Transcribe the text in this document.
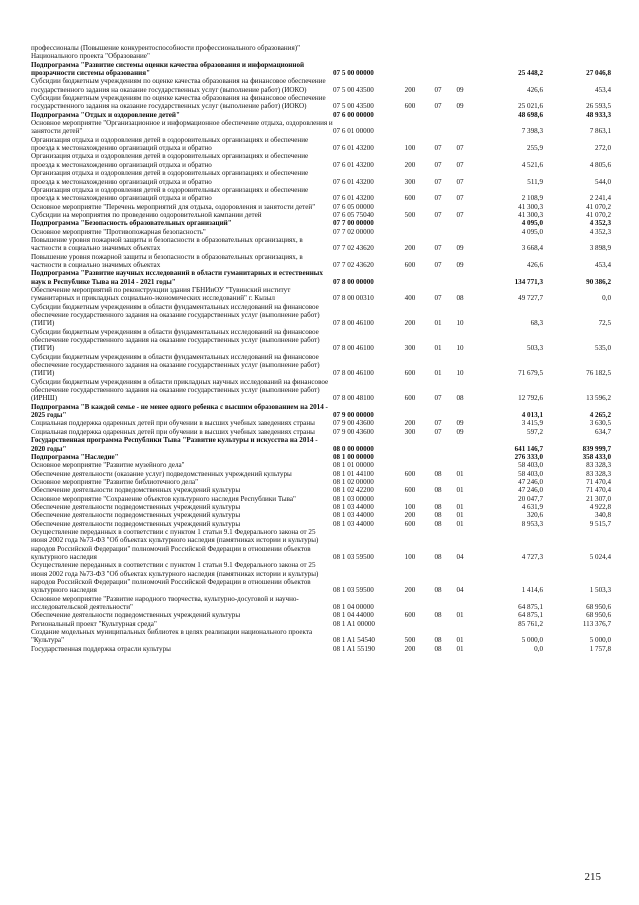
профессионалы (Повышение конкурентоспособности профессионального образования)" Национального проекта "Образование"						
Подпрограмма "Развитие системы оценки качества образования и информационной прозрачности системы образования"	07 5 00 00000				25 448,2	27 046,8
Субсидии бюджетным учреждениям по оценке качества образования на финансовое обеспечение государственного задания на оказание государственных услуг (выполнение работ) (ИОКО)	07 5 00 43500	200	07	09	426,6	453,4
Субсидии бюджетным учреждениям по оценке качества образования на финансовое обеспечение государственного задания на оказание государственных услуг (выполнение работ) (ИОКО)	07 5 00 43500	600	07	09	25 021,6	26 593,5
Подпрограмма "Отдых и оздоровление детей"	07 6 00 00000				48 698,6	48 933,3
Основное мероприятие "Организационное и информационное обеспечение отдыха, оздоровления и занятости детей"	07 6 01 00000				7 398,3	7 863,1
Организация отдыха и оздоровления детей в оздоровительных организациях и обеспечение проезда к местонахождению организаций отдыха и обратно	07 6 01 43200	100	07	07	255,9	272,0
Организация отдыха и оздоровления детей в оздоровительных организациях и обеспечение проезда к местонахождению организаций отдыха и обратно	07 6 01 43200	200	07	07	4 521,6	4 805,6
Организация отдыха и оздоровления детей в оздоровительных организациях и обеспечение проезда к местонахождению организаций отдыха и обратно	07 6 01 43200	300	07	07	511,9	544,0
Организация отдыха и оздоровления детей в оздоровительных организациях и обеспечение проезда к местонахождению организаций отдыха и обратно	07 6 01 43200	600	07	07	2 108,9	2 241,4
Основное мероприятие "Перечень мероприятий для отдыха, оздоровления и занятости детей"	07 6 05 00000				41 300,3	41 070,2
Субсидии на мероприятия по проведению оздоровительной кампании детей	07 6 05 75040	500	07	07	41 300,3	41 070,2
Подпрограмма "Безопасность образовательных организаций"	07 7 00 00000				4 095,0	4 352,3
Основное мероприятие "Противопожарная безопасность"	07 7 02 00000				4 095,0	4 352,3
Повышение уровня пожарной защиты и безопасности в образовательных организациях, в частности в социально значимых объектах	07 7 02 43620	200	07	09	3 668,4	3 898,9
Повышение уровня пожарной защиты и безопасности в образовательных организациях, в частности в социально значимых объектах	07 7 02 43620	600	07	09	426,6	453,4
Подпрограмма "Развитие научных исследований в области гуманитарных и естественных наук в Республике Тыва на 2014 - 2021 годы"	07 8 00 00000				134 771,3	90 386,2
Обеспечение мероприятий по реконструкции здания ГБНИиОУ "Тувинский институт гуманитарных и прикладных социально-экономических исследований" г. Кызыл	07 8 00 00310	400	07	08	49 727,7	0,0
Субсидии бюджетным учреждениям в области фундаментальных исследований на финансовое обеспечение государственного задания на оказание государственных услуг (выполнение работ) (ТИГИ)	07 8 00 46100	200	01	10	68,3	72,5
Субсидии бюджетным учреждениям в области фундаментальных исследований на финансовое обеспечение государственного задания на оказание государственных услуг (выполнение работ) (ТИГИ)	07 8 00 46100	300	01	10	503,3	535,0
Субсидии бюджетным учреждениям в области фундаментальных исследований на финансовое обеспечение государственного задания на оказание государственных услуг (выполнение работ) (ТИГИ)	07 8 00 46100	600	01	10	71 679,5	76 182,5
Субсидии бюджетным учреждениям в области прикладных научных исследований на финансовое обеспечение государственного задания на оказание государственных услуг (выполнение работ) (ИРНШ)	07 8 00 48100	600	07	08	12 792,6	13 596,2
Подпрограмма "В каждой семье - не менее одного ребенка с высшим образованием на 2014 - 2025 годы"	07 9 00 00000				4 013,1	4 265,2
Социальная поддержка одаренных детей при обучении в высших учебных заведениях страны	07 9 00 43600	200	07	09	3 415,9	3 630,5
Социальная поддержка одаренных детей при обучении в высших учебных заведениях страны	07 9 00 43600	300	07	09	597,2	634,7
Государственная программа Республики Тыва "Развитие культуры и искусства на 2014 - 2020 годы"	08 0 00 00000				641 146,7	839 999,7
Подпрограмма "Наследие"	08 1 00 00000				276 333,0	358 433,0
Основное мероприятие "Развитие музейного дела"	08 1 01 00000				58 403,0	83 328,3
Обеспечение деятельности (оказание услуг) подведомственных учреждений культуры	08 1 01 44100	600	08	01	58 403,0	83 328,3
Основное мероприятие "Развитие библиотечного дела"	08 1 02 00000				47 246,0	71 470,4
Обеспечение деятельности подведомственных учреждений культуры	08 1 02 42200	600	08	01	47 246,0	71 470,4
Основное мероприятие "Сохранение объектов культурного наследия Республики Тыва"	08 1 03 00000				20 047,7	21 307,0
Обеспечение деятельности подведомственных учреждений культуры	08 1 03 44000	100	08	01	4 631,9	4 922,8
Обеспечение деятельности подведомственных учреждений культуры	08 1 03 44000	200	08	01	320,6	340,8
Обеспечение деятельности подведомственных учреждений культуры	08 1 03 44000	600	08	01	8 953,3	9 515,7
Осуществление переданных в соответствии с пунктом 1 статьи 9.1 Федерального закона от 25 июня 2002 года №73-ФЗ "Об объектах культурного наследия (памятниках истории и культуры) народов Российской Федерации" полномочий Российской Федерации в отношении объектов культурного наследия	08 1 03 59500	100	08	04	4 727,3	5 024,4
Осуществление переданных в соответствии с пунктом 1 статьи 9.1 Федерального закона от 25 июня 2002 года №73-ФЗ "Об объектах культурного наследия (памятниках истории и культуры) народов Российской Федерации" полномочий Российской Федерации в отношении объектов культурного наследия	08 1 03 59500	200	08	04	1 414,6	1 503,3
Основное мероприятие "Развитие народного творчества, культурно-досуговой и научно-исследовательской деятельности"	08 1 04 00000				64 875,1	68 950,6
Обеспечение деятельности подведомственных учреждений культуры	08 1 04 44000	600	08	01	64 875,1	68 950,6
Региональный проект "Культурная среда"	08 1 A1 00000				85 761,2	113 376,7
Создание модельных муниципальных библиотек в целях реализации национального проекта "Культура"	08 1 A1 54540	500	08	01	5 000,0	5 000,0
Государственная поддержка отрасли культуры	08 1 A1 55190	200	08	01	0,0	1 757,8
215
